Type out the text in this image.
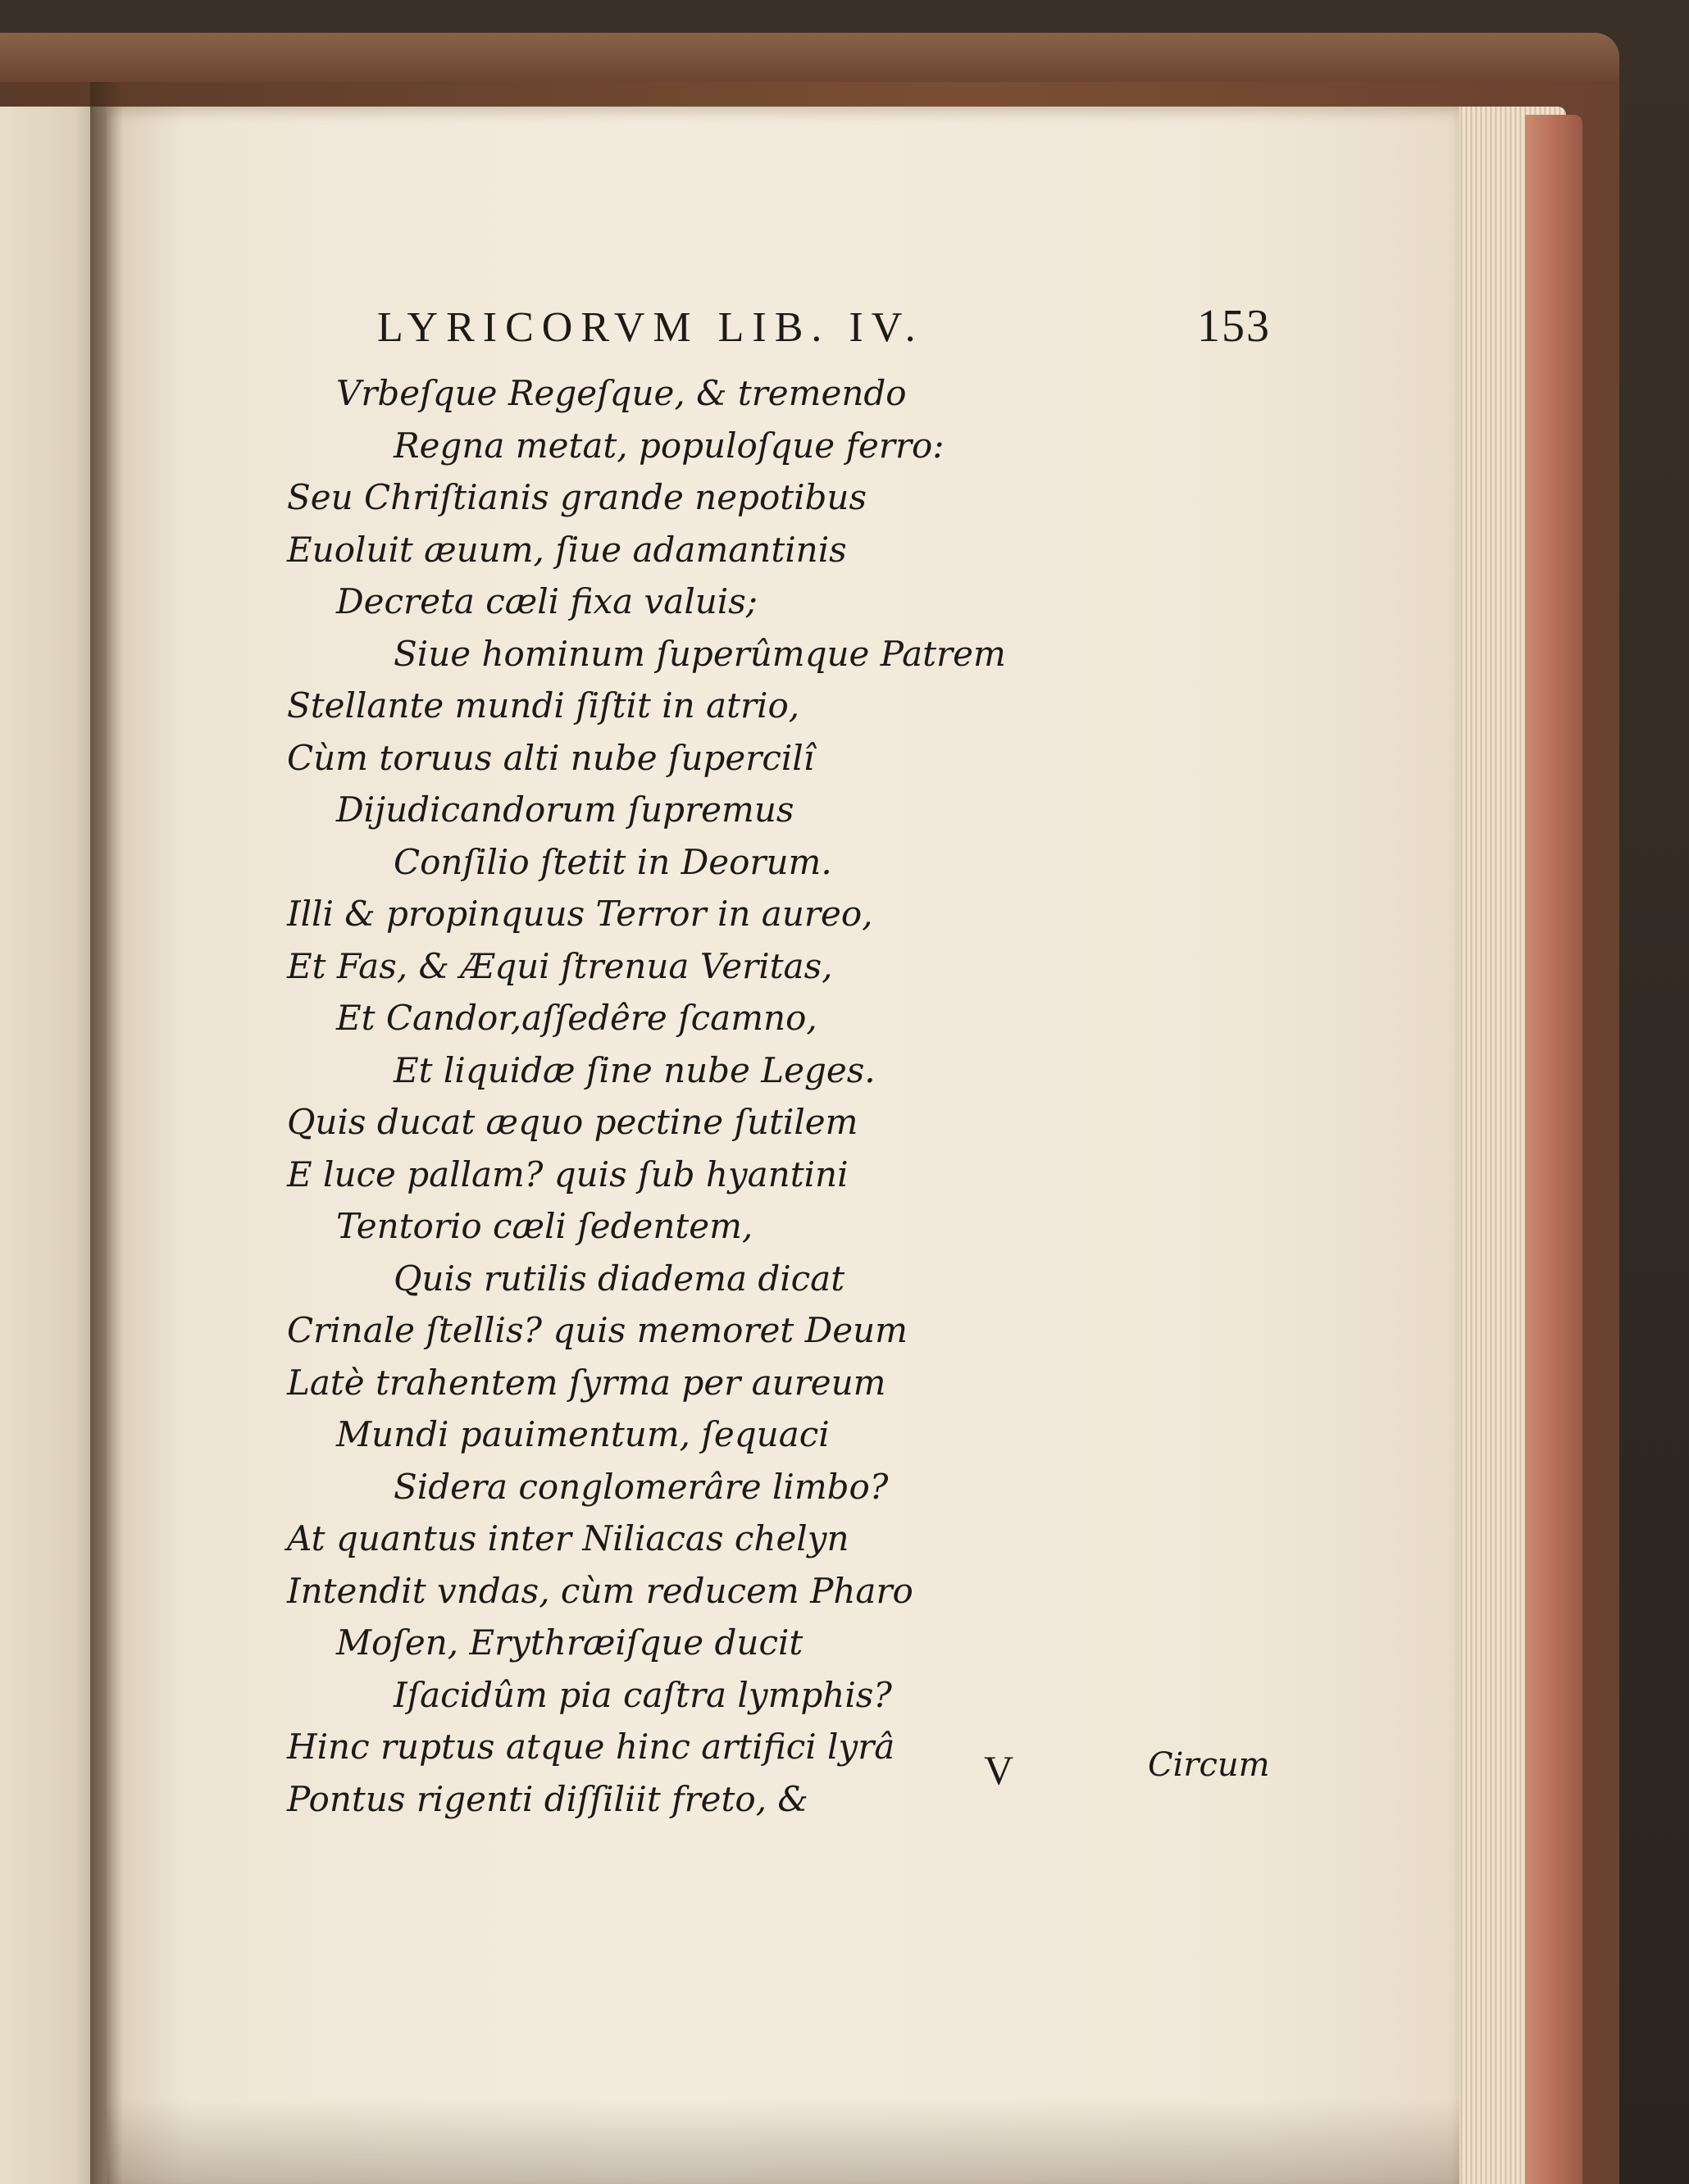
LYRICORVM LIB. IV.	153
Vrbeſque Regeſque, & tremendo
Regna metat, populoſque ferro:
Seu Chriſtianis grande nepotibus
Euoluit æuum, ſiue adamantinis
Decreta cæli fixa valuis;
Siue hominum ſuperûmque Patrem
Stellante mundi ſiſtit in atrio,
Cùm toruus alti nube ſupercilî
Dijudicandorum ſupremus
Conſilio ſtetit in Deorum.
Illi & propinquus Terror in aureo,
Et Fas, & Æqui ſtrenua Veritas,
Et Candor,aſſedêre ſcamno,
Et liquidæ ſine nube Leges.
Quis ducat æquo pectine ſutilem
E luce pallam? quis ſub hyantini
Tentorio cæli ſedentem,
Quis rutilis diadema dicat
Crinale ſtellis? quis memoret Deum
Latè trahentem ſyrma per aureum
Mundi pauimentum, ſequaci
Sidera conglomerâre limbo?
At quantus inter Niliacas chelyn
Intendit vndas, cùm reducem Pharo
Moſen, Erythræiſque ducit
Iſacidûm pia caſtra lymphis?
Hinc ruptus atque hinc artifici lyrâ
Pontus rigenti diſſiliit freto, &
V	Circum
